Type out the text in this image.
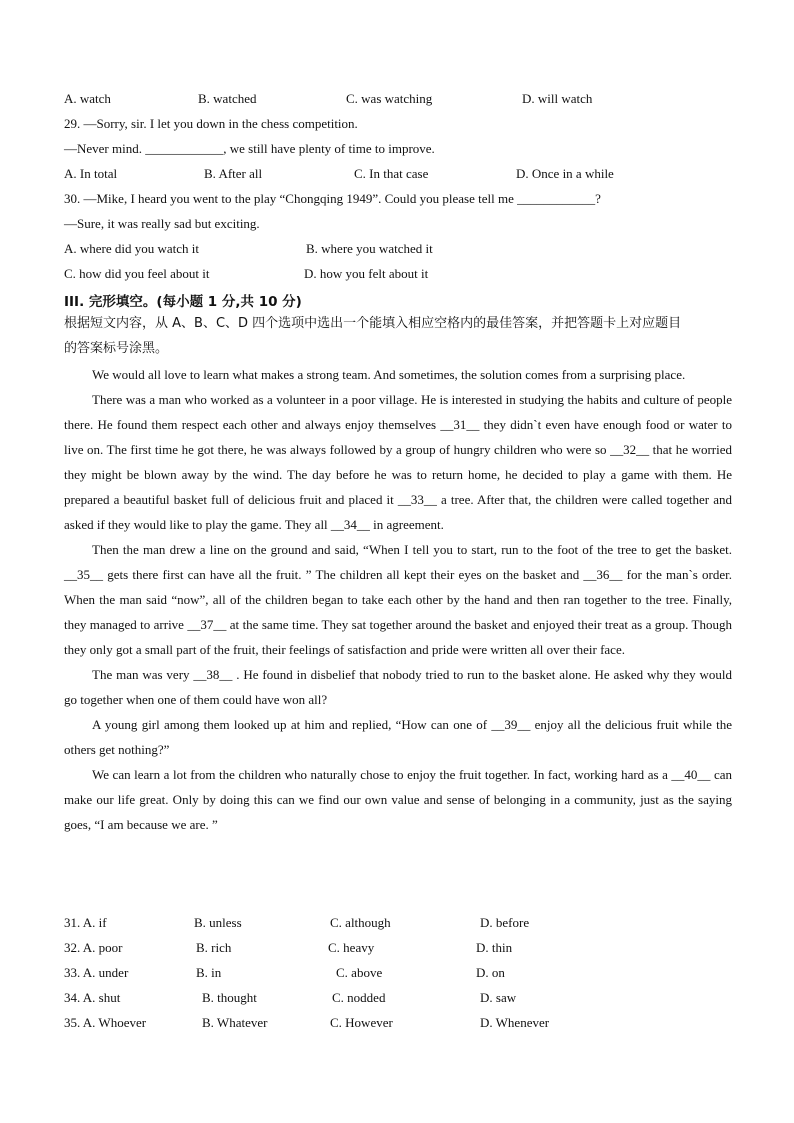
A. watch	B. watched	C. was watching	D. will watch
29. —Sorry, sir. I let you down in the chess competition.
—Never mind. ____________, we still have plenty of time to improve.
A. In total	B. After all	C. In that case	D. Once in a while
30. —Mike, I heard you went to the play “Chongqing 1949”. Could you please tell me ____________?
—Sure, it was really sad but exciting.
A. where did you watch it	B. where you watched it
C. how did you feel about it	D. how you felt about it
III. 完形填空。(每小题 1 分,共 10 分)
根据短文内容，从 A、B、C、D 四个选项中选出一个能填入相应空格内的最佳答案，并把答题卡上对应题目
的答案标号涂黑。

We would all love to learn what makes a strong team. And sometimes, the solution comes from a surprising place.

There was a man who worked as a volunteer in a poor village. He is interested in studying the habits and culture of people there. He found them respect each other and always enjoy themselves __31__ they didn`t even have enough food or water to live on. The first time he got there, he was always followed by a group of hungry children who were so __32__ that he worried they might be blown away by the wind. The day before he was to return home, he decided to play a game with them. He prepared a beautiful basket full of delicious fruit and placed it __33__ a tree. After that, the children were called together and asked if they would like to play the game. They all __34__ in agreement.

Then the man drew a line on the ground and said, “When I tell you to start, run to the foot of the tree to get the basket. __35__ gets there first can have all the fruit. ” The children all kept their eyes on the basket and __36__ for the man`s order. When the man said “now”, all of the children began to take each other by the hand and then ran together to the tree. Finally, they managed to arrive __37__ at the same time. They sat together around the basket and enjoyed their treat as a group. Though they only got a small part of the fruit, their feelings of satisfaction and pride were written all over their face.

The man was very __38__ . He found in disbelief that nobody tried to run to the basket alone. He asked why they would go together when one of them could have won all?

A young girl among them looked up at him and replied, “How can one of __39__ enjoy all the delicious fruit while the others get nothing?”

We can learn a lot from the children who naturally chose to enjoy the fruit together. In fact, working hard as a __40__ can make our life great. Only by doing this can we find our own value and sense of belonging in a community, just as the saying goes, “I am because we are. ”

31. A. if	B. unless	C. although	D. before
32. A. poor	B. rich	C. heavy	D. thin
33. A. under	B. in	C. above	D. on
34. A. shut	B. thought	C. nodded	D. saw
35. A. Whoever	B. Whatever	C. However	D. Whenever
